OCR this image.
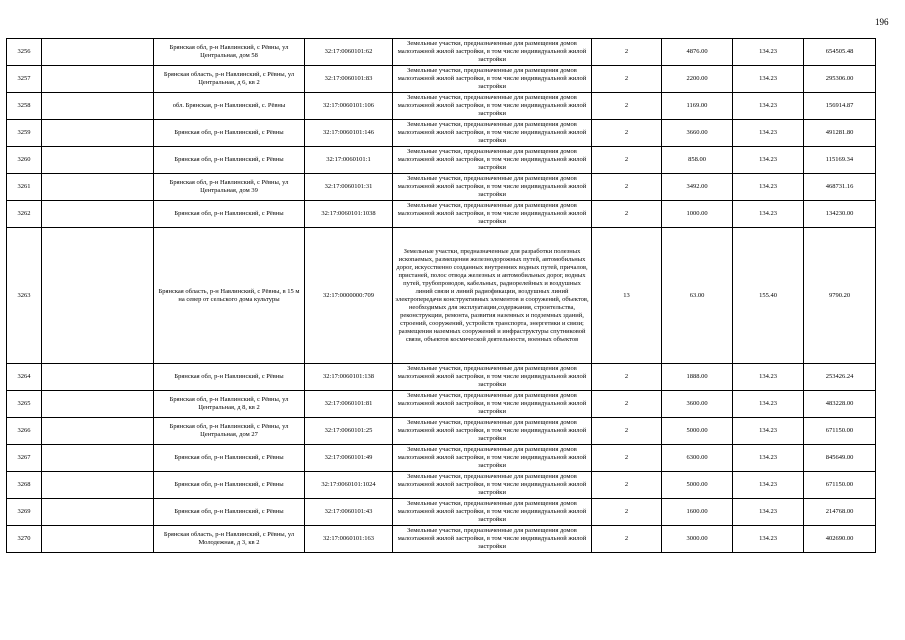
196
3256		Брянская обл, р-н Навлинский, с Рёвны, ул Центральная, дом 58	32:17:0060101:62	Земельные участки, предназначенные для размещения домов малоэтажной жилой застройки, в том числе индивидуальной жилой застройки	2	4876.00	134.23	654505.48
3257		Брянская область, р-н Навлинский, с Рёвны, ул Центральная, д 6, кв 2	32:17:0060101:83	Земельные участки, предназначенные для размещения домов малоэтажной жилой застройки, в том числе индивидуальной жилой застройки	2	2200.00	134.23	295306.00
3258		обл. Брянская, р-н Навлинский, с. Рёвны	32:17:0060101:106	Земельные участки, предназначенные для размещения домов малоэтажной жилой застройки, в том числе индивидуальной жилой застройки	2	1169.00	134.23	156914.87
3259		Брянская обл, р-н Навлинский, с Рёвны	32:17:0060101:146	Земельные участки, предназначенные для размещения домов малоэтажной жилой застройки, в том числе индивидуальной жилой застройки	2	3660.00	134.23	491281.80
3260		Брянская обл, р-н Навлинский, с Рёвны	32:17:0060101:1	Земельные участки, предназначенные для размещения домов малоэтажной жилой застройки, в том числе индивидуальной жилой застройки	2	858.00	134.23	115169.34
3261		Брянская обл, р-н Навлинский, с Рёвны, ул Центральная, дом 39	32:17:0060101:31	Земельные участки, предназначенные для размещения домов малоэтажной жилой застройки, в том числе индивидуальной жилой застройки	2	3492.00	134.23	468731.16
3262		Брянская обл, р-н Навлинский, с Рёвны	32:17:0060101:1038	Земельные участки, предназначенные для размещения домов малоэтажной жилой застройки, в том числе индивидуальной жилой застройки	2	1000.00	134.23	134230.00
3263		Брянская область, р-н Навлинский, с Рёвны, в 15 м на север от сельского дома культуры	32:17:0000000:709	Земельные участки, предназначенные для разработки полезных ископаемых, размещения железнодорожных путей, автомобильных дорог, искусственно созданных внутренних водных путей, причалов, пристаней, полос отвода железных и автомобильных дорог, водных путей, трубопроводов, кабельных, радиорелейных и воздушных линий связи и линий радиофикации, воздушных линий электропередачи конструктивных элементов и сооружений, объектов, необходимых для эксплуатации,содержания, строительства, реконструкции, ремонта, развития наземных и подземных зданий, строений, сооружений, устройств транспорта, энергетики и связи; размещения наземных сооружений и инфраструктуры спутниковой связи, объектов космической деятельности, военных объектов	13	63.00	155.40	9790.20
3264		Брянская обл, р-н Навлинский, с Рёвны	32:17:0060101:138	Земельные участки, предназначенные для размещения домов малоэтажной жилой застройки, в том числе индивидуальной жилой застройки	2	1888.00	134.23	253426.24
3265		Брянская обл, р-н Навлинский, с Рёвны, ул Центральная, д 8, кв 2	32:17:0060101:81	Земельные участки, предназначенные для размещения домов малоэтажной жилой застройки, в том числе индивидуальной жилой застройки	2	3600.00	134.23	483228.00
3266		Брянская обл, р-н Навлинский, с Рёвны, ул Центральная, дом 27	32:17:0060101:25	Земельные участки, предназначенные для размещения домов малоэтажной жилой застройки, в том числе индивидуальной жилой застройки	2	5000.00	134.23	671150.00
3267		Брянская обл, р-н Навлинский, с Рёвны	32:17:0060101:49	Земельные участки, предназначенные для размещения домов малоэтажной жилой застройки, в том числе индивидуальной жилой застройки	2	6300.00	134.23	845649.00
3268		Брянская обл, р-н Навлинский, с Рёвны	32:17:0060101:1024	Земельные участки, предназначенные для размещения домов малоэтажной жилой застройки, в том числе индивидуальной жилой застройки	2	5000.00	134.23	671150.00
3269		Брянская обл, р-н Навлинский, с Рёвны	32:17:0060101:43	Земельные участки, предназначенные для размещения домов малоэтажной жилой застройки, в том числе индивидуальной жилой застройки	2	1600.00	134.23	214768.00
3270		Брянская область, р-н Навлинский, с Рёвны, ул Молодежная, д 3, кв 2	32:17:0060101:163	Земельные участки, предназначенные для размещения домов малоэтажной жилой застройки, в том числе индивидуальной жилой застройки	2	3000.00	134.23	402690.00
